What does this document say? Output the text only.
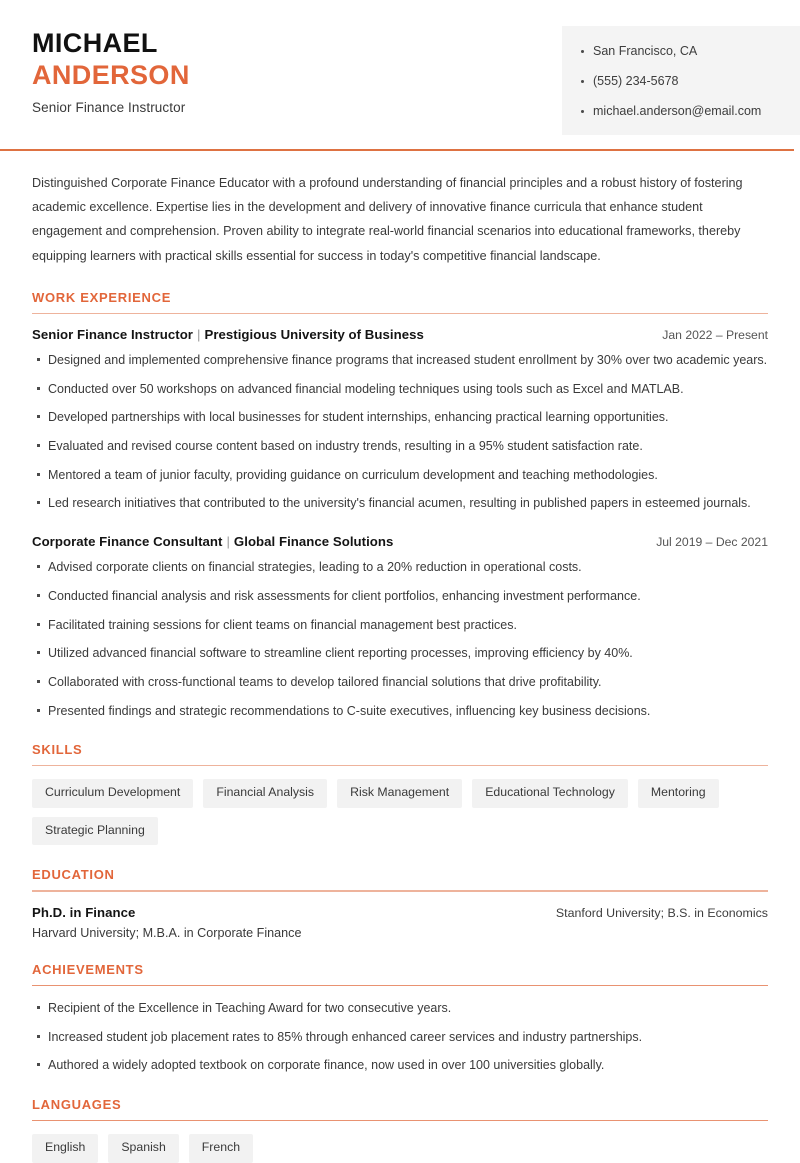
MICHAEL
ANDERSON
Senior Finance Instructor
San Francisco, CA
(555) 234-5678
michael.anderson@email.com

Distinguished Corporate Finance Educator with a profound understanding of financial principles and a robust history of fostering academic excellence. Expertise lies in the development and delivery of innovative finance curricula that enhance student engagement and comprehension. Proven ability to integrate real-world financial scenarios into educational frameworks, thereby equipping learners with practical skills essential for success in today's competitive financial landscape.

WORK EXPERIENCE
Senior Finance Instructor | Prestigious University of Business	Jan 2022 – Present
Designed and implemented comprehensive finance programs that increased student enrollment by 30% over two academic years.
Conducted over 50 workshops on advanced financial modeling techniques using tools such as Excel and MATLAB.
Developed partnerships with local businesses for student internships, enhancing practical learning opportunities.
Evaluated and revised course content based on industry trends, resulting in a 95% student satisfaction rate.
Mentored a team of junior faculty, providing guidance on curriculum development and teaching methodologies.
Led research initiatives that contributed to the university's financial acumen, resulting in published papers in esteemed journals.
Corporate Finance Consultant | Global Finance Solutions	Jul 2019 – Dec 2021
Advised corporate clients on financial strategies, leading to a 20% reduction in operational costs.
Conducted financial analysis and risk assessments for client portfolios, enhancing investment performance.
Facilitated training sessions for client teams on financial management best practices.
Utilized advanced financial software to streamline client reporting processes, improving efficiency by 40%.
Collaborated with cross-functional teams to develop tailored financial solutions that drive profitability.
Presented findings and strategic recommendations to C-suite executives, influencing key business decisions.
SKILLS
Curriculum Development	Financial Analysis	Risk Management	Educational Technology	Mentoring
Strategic Planning
EDUCATION
Ph.D. in Finance	Stanford University; B.S. in Economics
Harvard University; M.B.A. in Corporate Finance
ACHIEVEMENTS
Recipient of the Excellence in Teaching Award for two consecutive years.
Increased student job placement rates to 85% through enhanced career services and industry partnerships.
Authored a widely adopted textbook on corporate finance, now used in over 100 universities globally.
LANGUAGES
English	Spanish	French
